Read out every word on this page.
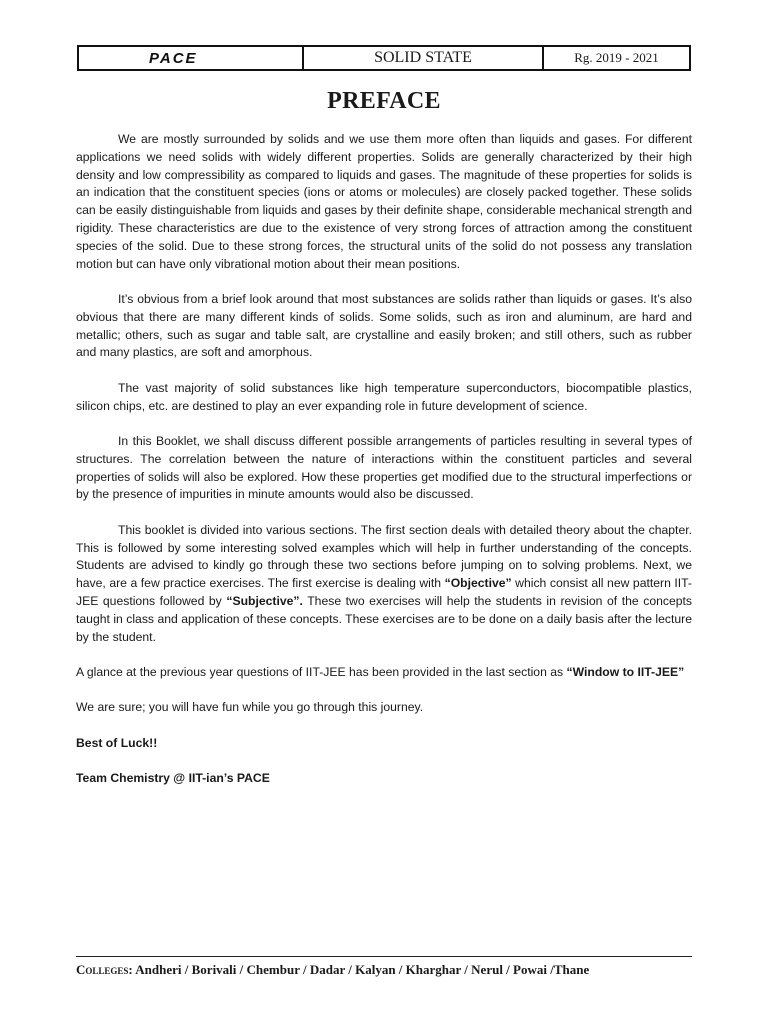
PACE	SOLID STATE	Rg. 2019 - 2021
PREFACE

We are mostly surrounded by solids and we use them more often than liquids and gases. For different applications we need solids with widely different properties. Solids are generally characterized by their high density and low compressibility as compared to liquids and gases. The magnitude of these properties for solids is an indication that the constituent species (ions or atoms or molecules) are closely packed together. These solids can be easily distinguishable from liquids and gases by their definite shape, considerable mechanical strength and rigidity. These characteristics are due to the existence of very strong forces of attraction among the constituent species of the solid. Due to these strong forces, the structural units of the solid do not possess any translation motion but can have only vibrational motion about their mean positions.

It’s obvious from a brief look around that most substances are solids rather than liquids or gases. It’s also obvious that there are many different kinds of solids. Some solids, such as iron and aluminum, are hard and metallic; others, such as sugar and table salt, are crystalline and easily broken; and still others, such as rubber and many plastics, are soft and amorphous.

The vast majority of solid substances like high temperature superconductors, biocompatible plastics, silicon chips, etc. are destined to play an ever expanding role in future development of science.

In this Booklet, we shall discuss different possible arrangements of particles resulting in several types of structures. The correlation between the nature of interactions within the constituent particles and several properties of solids will also be explored. How these properties get modified due to the structural imperfections or by the presence of impurities in minute amounts would also be discussed.

This booklet is divided into various sections. The first section deals with detailed theory about the chapter. This is followed by some interesting solved examples which will help in further understanding of the concepts. Students are advised to kindly go through these two sections before jumping on to solving problems. Next, we have, are a few practice exercises. The first exercise is dealing with “Objective” which consist all new pattern IIT-JEE questions followed by “Subjective”. These two exercises will help the students in revision of the concepts taught in class and application of these concepts. These exercises are to be done on a daily basis after the lecture by the student.

A glance at the previous year questions of IIT-JEE has been provided in the last section as “Window to IIT-JEE”

We are sure; you will have fun while you go through this journey.

Best of Luck!!

Team Chemistry @ IIT-ian’s PACE

Colleges: Andheri / Borivali / Chembur / Dadar / Kalyan / Kharghar / Nerul / Powai /Thane
